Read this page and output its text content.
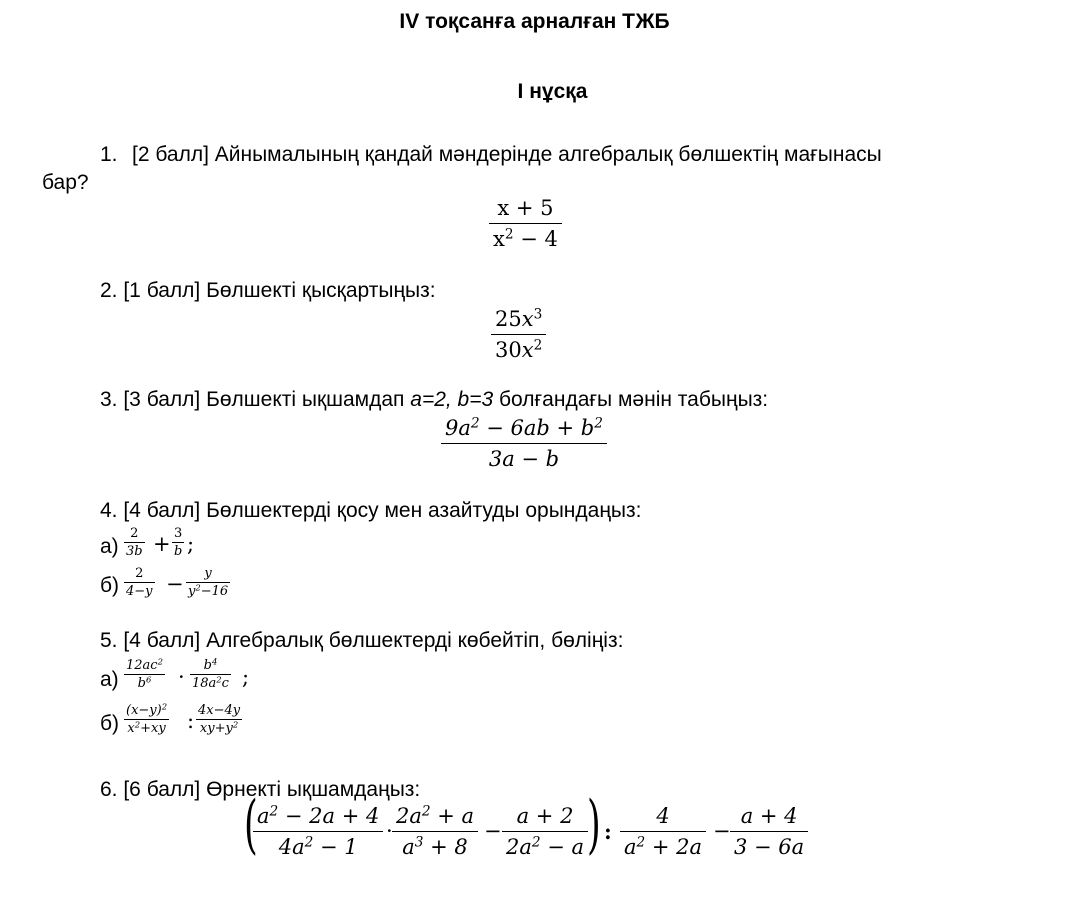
IV тоқсанға арналған ТЖБ
І нұсқа
1. [2 балл] Айнымалының қандай мәндерінде алгебралық бөлшектің мағынасы
бар?
x + 5
$x^2 - 4$
2. [1 балл] Бөлшекті қысқартыңыз:
$25x^3$
$30x^2$
3. [3 балл] Бөлшекті ықшамдап a=2, b=3 болғандағы мәнін табыңыз:
$9a^2 - 6ab + b^2$
3a − b
4. [4 балл] Бөлшектерді қосу мен азайтуды орындаңыз:
а)
2
3b + 3
b ;
б)
2
4−y − y
$y^2-16$
5. [4 балл] Алгебралық бөлшектерді көбейтіп, бөліңіз:
а)
$12ac^2$
$b^6 \cdot b^4$
$18a^2c$ ;
б)
$(x-y)^2$
$x^2+xy$ : 4x−4y
$xy+y^2$
6. [6 балл] Өрнекті ықшамдаңыз:
( $a^2 - 2a + 4$
$4a^2 - 1$
·
$2a^2 + a$
$a^3 + 8$
−
a + 2
$2a^2 - a$ ) :
4
$a^2 + 2a$
−
a + 4
3 − 6a
